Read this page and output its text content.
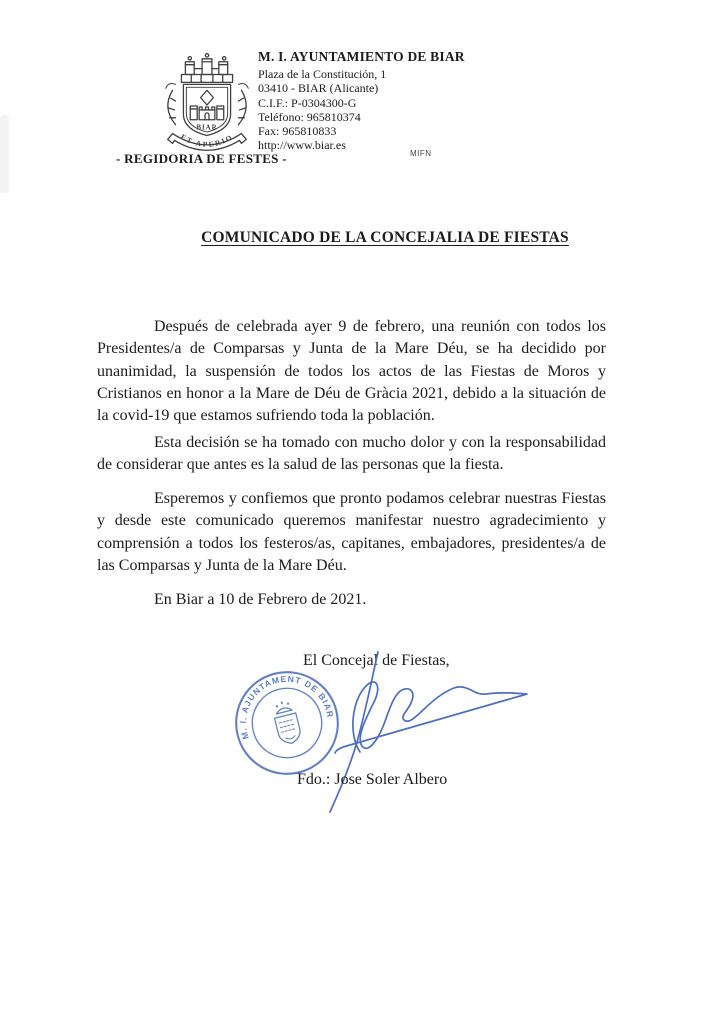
BIAR
ET APERIO
M. I. AYUNTAMIENTO DE BIAR
Plaza de la Constitución, 1
03410 - BIAR (Alicante)
C.I.F.: P-0304300-G
Teléfono: 965810374
Fax: 965810833
http://www.biar.es
- REGIDORIA DE FESTES -	MIFN
COMUNICADO DE LA CONCEJALIA DE FIESTAS

Después de celebrada ayer 9 de febrero, una reunión con todos los Presidentes/a de Comparsas y Junta de la Mare Déu, se ha decidido por unanimidad, la suspensión de todos los actos de las Fiestas de Moros y Cristianos en honor a la Mare de Déu de Gràcia 2021, debido a la situación de la covid-19 que estamos sufriendo toda la población.

Esta decisión se ha tomado con mucho dolor y con la responsabilidad de considerar que antes es la salud de las personas que la fiesta.

Esperemos y confiemos que pronto podamos celebrar nuestras Fiestas y desde este comunicado queremos manifestar nuestro agradecimiento y comprensión a todos los festeros/as, capitanes, embajadores, presidentes/a de las Comparsas y Junta de la Mare Déu.

En Biar a 10 de Febrero de 2021.
El Concejal de Fiestas,
M. I. AJUNTAMENT DE BIAR
Fdo.: Jose Soler Albero
